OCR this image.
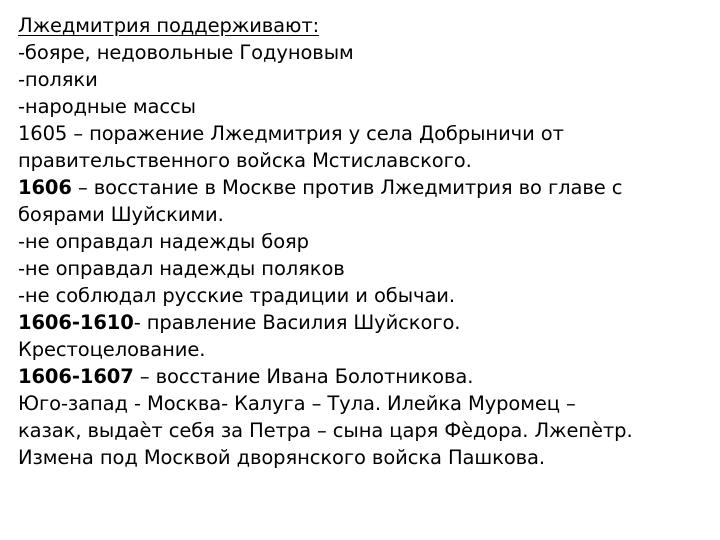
Лжедмитрия поддерживают:
-бояре, недовольные Годуновым
-поляки
-народные массы
1605 – поражение Лжедмитрия у села Добрыничи от
правительственного войска Мстиславского.
1606 – восстание в Москве против Лжедмитрия во главе с
боярами Шуйскими.
-не оправдал надежды бояр
-не оправдал надежды поляков
-не соблюдал русские традиции и обычаи.
1606-1610- правление Василия Шуйского.
Крестоцелование.
1606-1607 – восстание Ивана Болотникова.
Юго-запад - Москва- Калуга – Тула. Илейка Муромец –
казак, выдаѐт себя за Петра – сына царя Фѐдора. Лжепѐтр.
Измена под Москвой дворянского войска Пашкова.
